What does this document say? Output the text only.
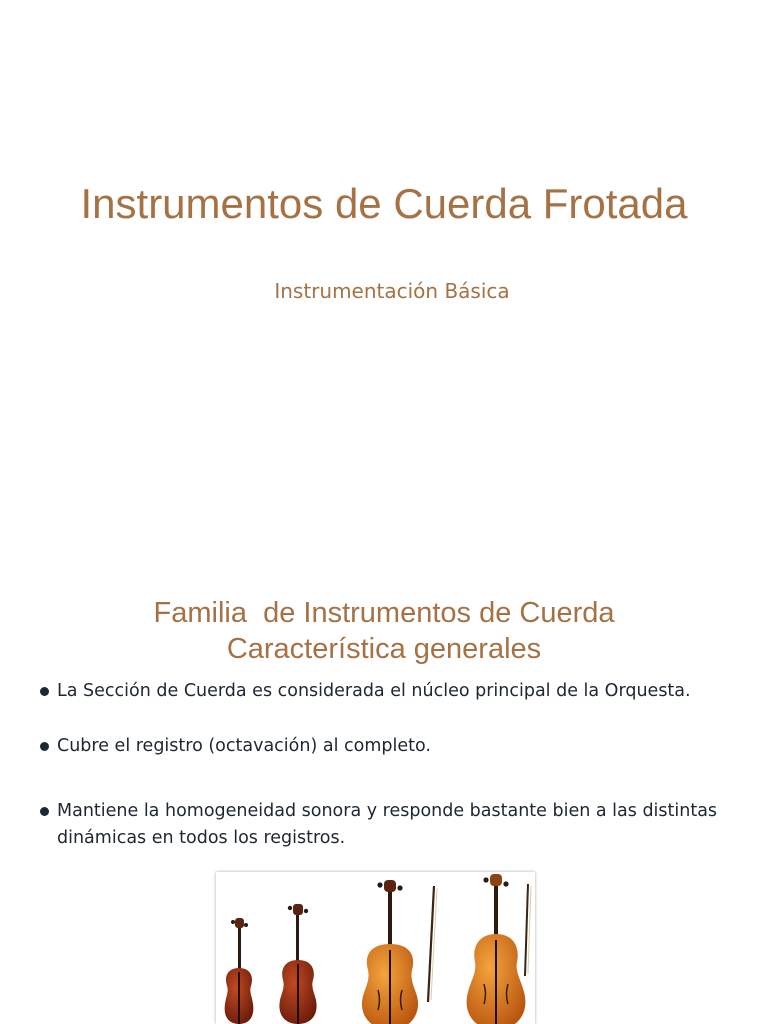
Instrumentos de Cuerda Frotada
Instrumentación Básica
Familia  de Instrumentos de Cuerda
Característica generales
La Sección de Cuerda es considerada el núcleo principal de la Orquesta.
Cubre el registro (octavación) al completo.
Mantiene la homogeneidad sonora y responde bastante bien a las distintas dinámicas en todos los registros.
